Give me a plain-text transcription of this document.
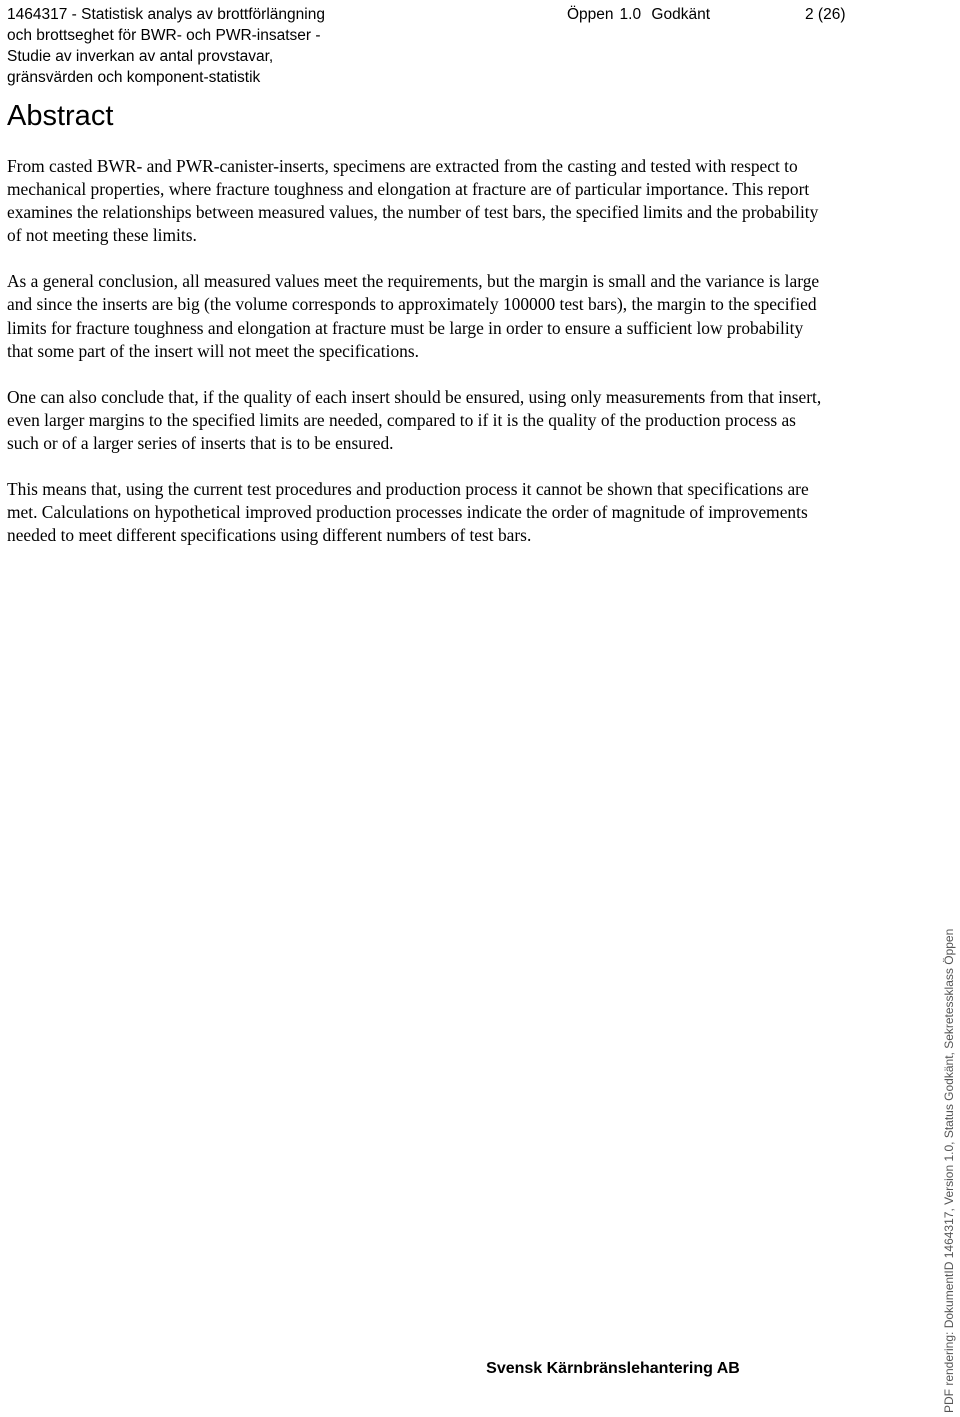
1464317 - Statistisk analys av brottförlängning
och brottseghet för BWR- och PWR-insatser -
Studie av inverkan av antal provstavar,
gränsvärden och komponent-statistik
Öppen 1.0 Godkänt	2 (26)
Abstract

From casted BWR- and PWR-canister-inserts, specimens are extracted from the casting and tested with respect to mechanical properties, where fracture toughness and elongation at fracture are of particular importance. This report examines the relationships between measured values, the number of test bars, the specified limits and the probability of not meeting these limits.

As a general conclusion, all measured values meet the requirements, but the margin is small and the variance is large and since the inserts are big (the volume corresponds to approximately 100000 test bars), the margin to the specified limits for fracture toughness and elongation at fracture must be large in order to ensure a sufficient low probability that some part of the insert will not meet the specifications.

One can also conclude that, if the quality of each insert should be ensured, using only measurements from that insert, even larger margins to the specified limits are needed, compared to if it is the quality of the production process as such or of a larger series of inserts that is to be ensured.

This means that, using the current test procedures and production process it cannot be shown that specifications are met. Calculations on hypothetical improved production processes indicate the order of magnitude of improvements needed to meet different specifications using different numbers of test bars.

Svensk Kärnbränslehantering AB	PDF rendering: DokumentID 1464317, Version 1.0, Status Godkänt, Sekretessklass Öppen
